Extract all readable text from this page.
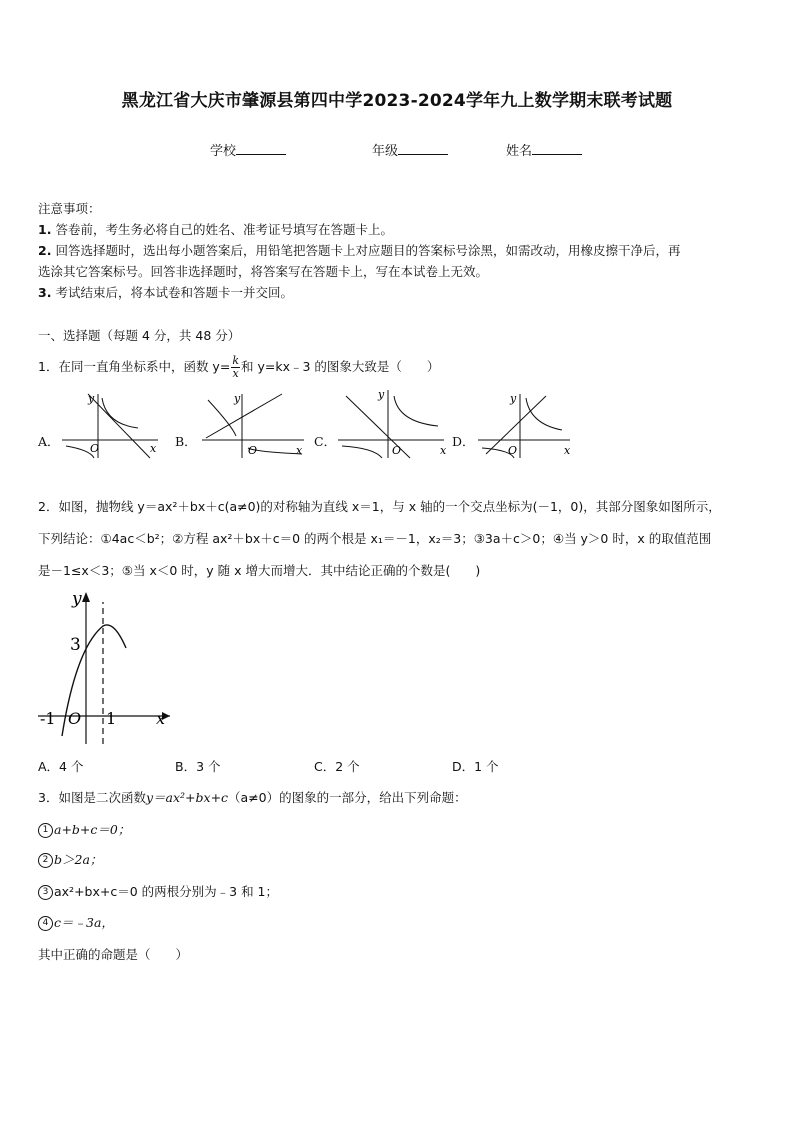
黑龙江省大庆市肇源县第四中学2023-2024学年九上数学期末联考试题
学校	年级	姓名
注意事项：
1. 答卷前，考生务必将自己的姓名、准考证号填写在答题卡上。
2. 回答选择题时，选出每小题答案后，用铅笔把答题卡上对应题目的答案标号涂黑，如需改动，用橡皮擦干净后，再
选涂其它答案标号。回答非选择题时，将答案写在答题卡上，写在本试卷上无效。
3. 考试结束后，将本试卷和答题卡一并交回。
一、选择题（每题 4 分，共 48 分）
1．在同一直角坐标系中，函数 $y= \frac{k}{x}$ 和 y=kx﹣3 的图象大致是（　　）
A．	B．	C．	D．
y
x
O
y
x
O
y
x
O
y
x
O
2．如图，抛物线 y＝ax²＋bx＋c(a≠0)的对称轴为直线 x＝1，与 x 轴的一个交点坐标为(－1，0)，其部分图象如图所示，
下列结论：①4ac＜b²；②方程 ax²＋bx＋c＝0 的两个根是 x₁＝－1，x₂＝3；③3a＋c＞0；④当 y＞0 时，x 的取值范围
是－1≤x＜3；⑤当 x＜0 时，y 随 x 增大而增大．其中结论正确的个数是(　　)
y
x
3
-1 O 1
A．4 个	B．3 个	C．2 个	D．1 个
3．如图是二次函数y＝ax²+bx+c（a≠0）的图象的一部分，给出下列命题：
1 a+b+c＝0；
2 b＞2a；
3 ax²+bx+c＝0 的两根分别为﹣3 和 1；
4 c＝﹣3a，
其中正确的命题是（　　）
